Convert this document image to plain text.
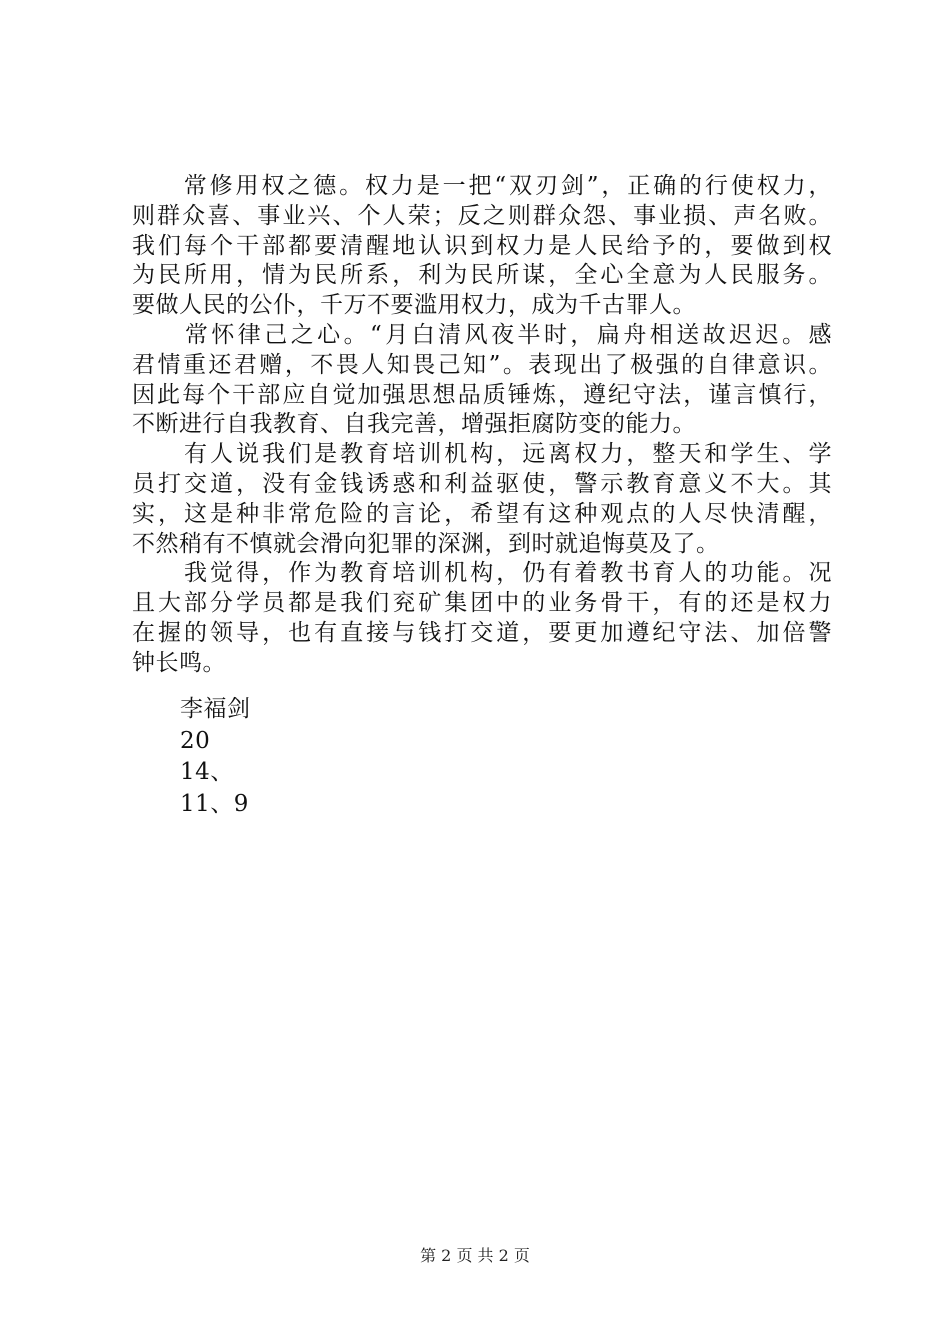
　　常修用权之德。权力是一把“双刃剑”，正确的行使权力，
则群众喜、事业兴、个人荣；反之则群众怨、事业损、声名败。
我们每个干部都要清醒地认识到权力是人民给予的，要做到权
为民所用，情为民所系，利为民所谋，全心全意为人民服务。
要做人民的公仆，千万不要滥用权力，成为千古罪人。
　　常怀律己之心。“月白清风夜半时，扁舟相送故迟迟。感
君情重还君赠，不畏人知畏己知”。表现出了极强的自律意识。
因此每个干部应自觉加强思想品质锤炼，遵纪守法，谨言慎行，
不断进行自我教育、自我完善，增强拒腐防变的能力。
　　有人说我们是教育培训机构，远离权力，整天和学生、学
员打交道，没有金钱诱惑和利益驱使，警示教育意义不大。其
实，这是种非常危险的言论，希望有这种观点的人尽快清醒，
不然稍有不慎就会滑向犯罪的深渊，到时就追悔莫及了。
　　我觉得，作为教育培训机构，仍有着教书育人的功能。况
且大部分学员都是我们兖矿集团中的业务骨干，有的还是权力
在握的领导，也有直接与钱打交道，要更加遵纪守法、加倍警
钟长鸣。
李福剑
20
14、
11、9
第 2 页 共 2 页
